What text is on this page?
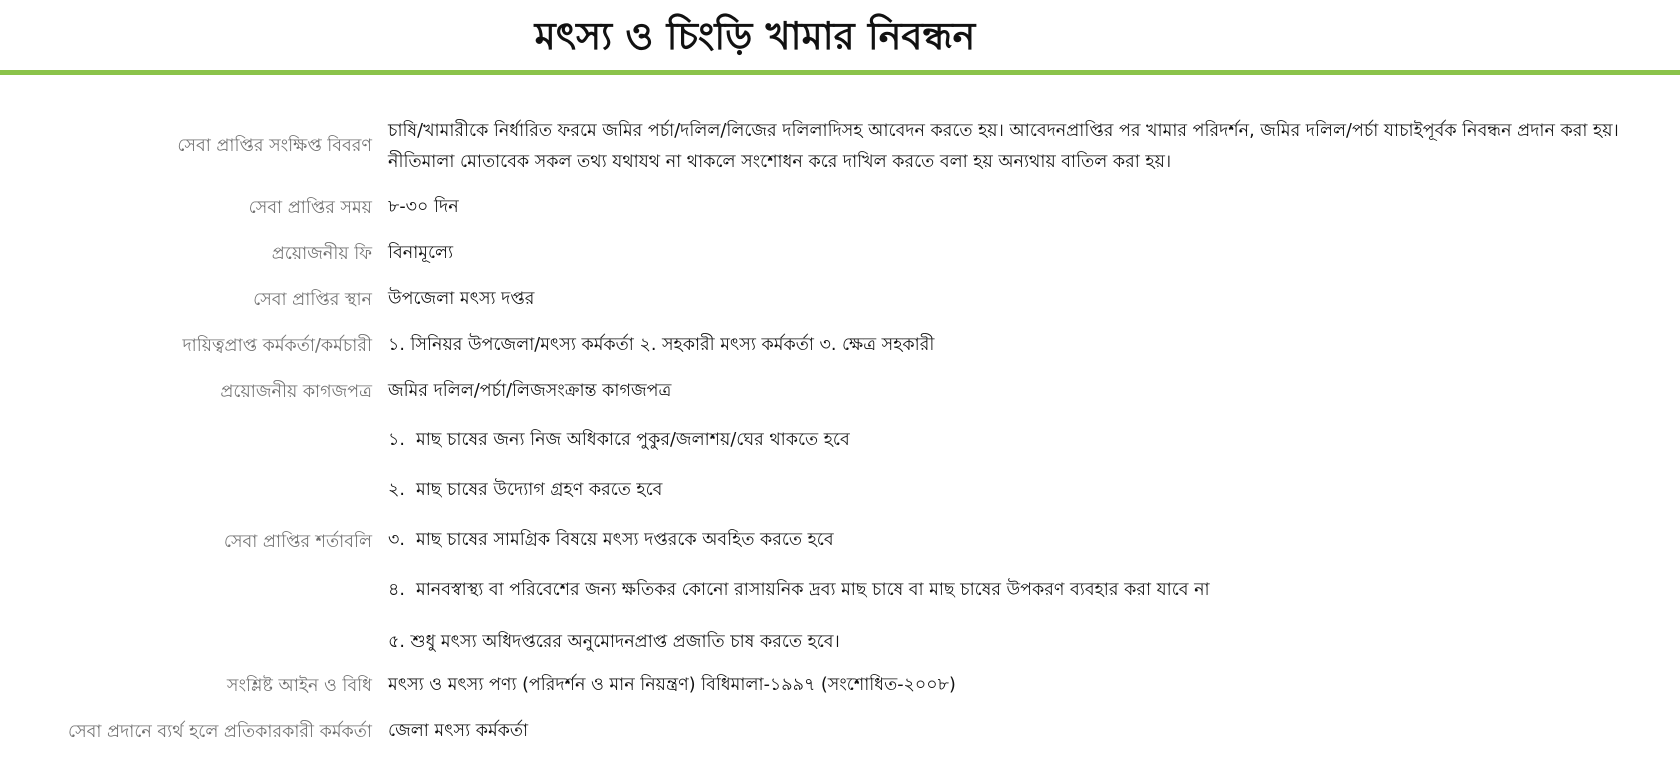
মৎস্য ও চিংড়ি খামার নিবন্ধন
সেবা প্রাপ্তির সংক্ষিপ্ত বিবরণ
চাষি/খামারীকে নির্ধারিত ফরমে জমির পর্চা/দলিল/লিজের দলিলাদিসহ আবেদন করতে হয়। আবেদনপ্রাপ্তির পর খামার পরিদর্শন, জমির দলিল/পর্চা যাচাইপূর্বক নিবন্ধন প্রদান করা হয়। নীতিমালা মোতাবেক সকল তথ্য যথাযথ না থাকলে সংশোধন করে দাখিল করতে বলা হয় অন্যথায় বাতিল করা হয়।
সেবা প্রাপ্তির সময় ৮-৩০ দিন
প্রয়োজনীয় ফি বিনামূল্যে
সেবা প্রাপ্তির স্থান উপজেলা মৎস্য দপ্তর
দায়িত্বপ্রাপ্ত কর্মকর্তা/কর্মচারী ১. সিনিয়র উপজেলা/মৎস্য কর্মকর্তা ২. সহকারী মৎস্য কর্মকর্তা ৩. ক্ষেত্র সহকারী
প্রয়োজনীয় কাগজপত্র জমির দলিল/পর্চা/লিজসংক্রান্ত কাগজপত্র
সেবা প্রাপ্তির শর্তাবলি
১. মাছ চাষের জন্য নিজ অধিকারে পুকুর/জলাশয়/ঘের থাকতে হবে
২. মাছ চাষের উদ্যোগ গ্রহণ করতে হবে
৩. মাছ চাষের সামগ্রিক বিষয়ে মৎস্য দপ্তরকে অবহিত করতে হবে
৪. মানবস্বাস্থ্য বা পরিবেশের জন্য ক্ষতিকর কোনো রাসায়নিক দ্রব্য মাছ চাষে বা মাছ চাষের উপকরণ ব্যবহার করা যাবে না
৫. শুধু মৎস্য অধিদপ্তরের অনুমোদনপ্রাপ্ত প্রজাতি চাষ করতে হবে।
সংশ্লিষ্ট আইন ও বিধি মৎস্য ও মৎস্য পণ্য (পরিদর্শন ও মান নিয়ন্ত্রণ) বিধিমালা-১৯৯৭ (সংশোধিত-২০০৮)
সেবা প্রদানে ব্যর্থ হলে প্রতিকারকারী কর্মকর্তা জেলা মৎস্য কর্মকর্তা
